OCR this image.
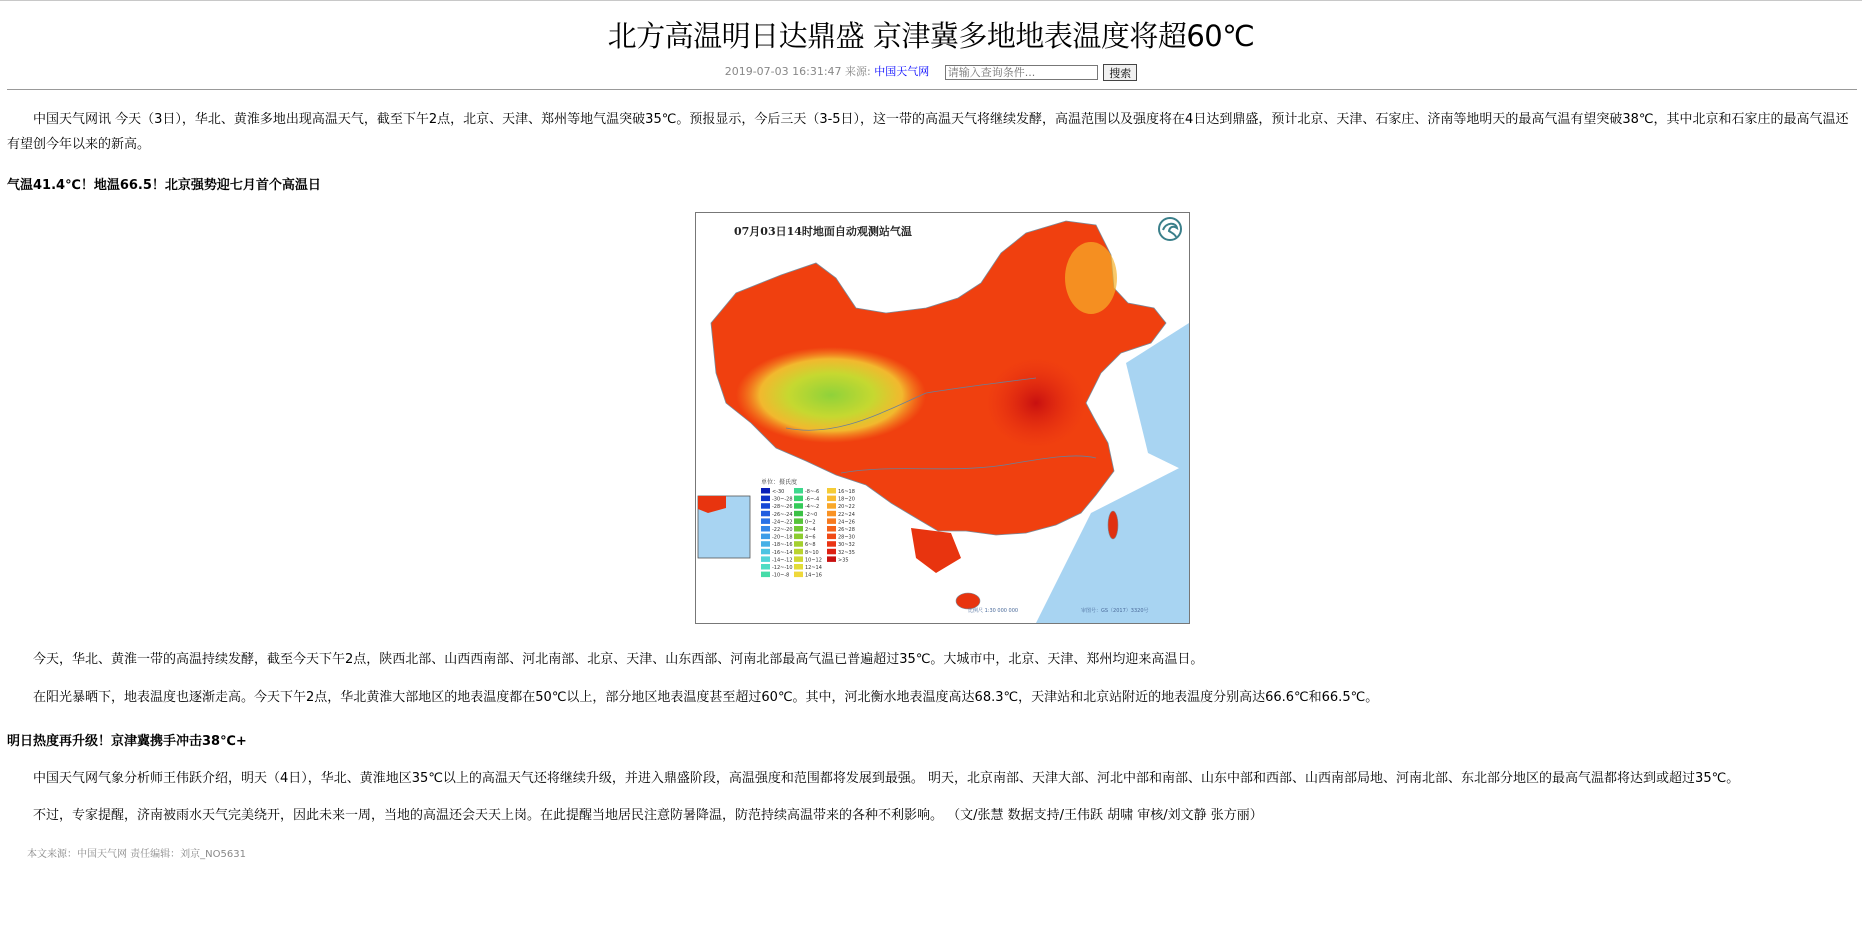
北方高温明日达鼎盛 京津冀多地地表温度将超60℃
2019-07-03 16:31:47 来源: 中国天气网 请输入查询条件...	搜索

中国天气网讯 今天（3日），华北、黄淮多地出现高温天气，截至下午2点，北京、天津、郑州等地气温突破35℃。预报显示，今后三天（3-5日），这一带的高温天气将继续发酵，高温范围以及强度将在4日达到鼎盛，预计北京、天津、石家庄、济南等地明天的最高气温有望突破38℃，其中北京和石家庄的最高气温还有望创今年以来的新高。

气温41.4℃！地温66.5！北京强势迎七月首个高温日

07月03日14时地面自动观测站气温
单位：摄氏度
<-30
-30~-28
-28~-26
-26~-24
-24~-22
-22~-20
-20~-18
-18~-16
-16~-14
-14~-12
-12~-10
-10~-8
-8~-6
-6~-4
-4~-2
-2~0
0~2
2~4
4~6
6~8
8~10
10~12
12~14
14~16
16~18
18~20
20~22
22~24
24~26
26~28
28~30
30~32
32~35
>35
比例尺 1:30 000 000	审图号：GS（2017）3320号

今天，华北、黄淮一带的高温持续发酵，截至今天下午2点，陕西北部、山西西南部、河北南部、北京、天津、山东西部、河南北部最高气温已普遍超过35℃。大城市中，北京、天津、郑州均迎来高温日。

在阳光暴晒下，地表温度也逐渐走高。今天下午2点，华北黄淮大部地区的地表温度都在50℃以上，部分地区地表温度甚至超过60℃。其中，河北衡水地表温度高达68.3℃，天津站和北京站附近的地表温度分别高达66.6℃和66.5℃。

明日热度再升级！京津冀携手冲击38℃+

中国天气网气象分析师王伟跃介绍，明天（4日），华北、黄淮地区35℃以上的高温天气还将继续升级，并进入鼎盛阶段，高温强度和范围都将发展到最强。 明天，北京南部、天津大部、河北中部和南部、山东中部和西部、山西南部局地、河南北部、东北部分地区的最高气温都将达到或超过35℃。

不过，专家提醒，济南被雨水天气完美绕开，因此未来一周，当地的高温还会天天上岗。在此提醒当地居民注意防暑降温，防范持续高温带来的各种不利影响。 （文/张慧 数据支持/王伟跃 胡啸 审核/刘文静 张方丽）

本文来源：中国天气网 责任编辑：刘京_NO5631
